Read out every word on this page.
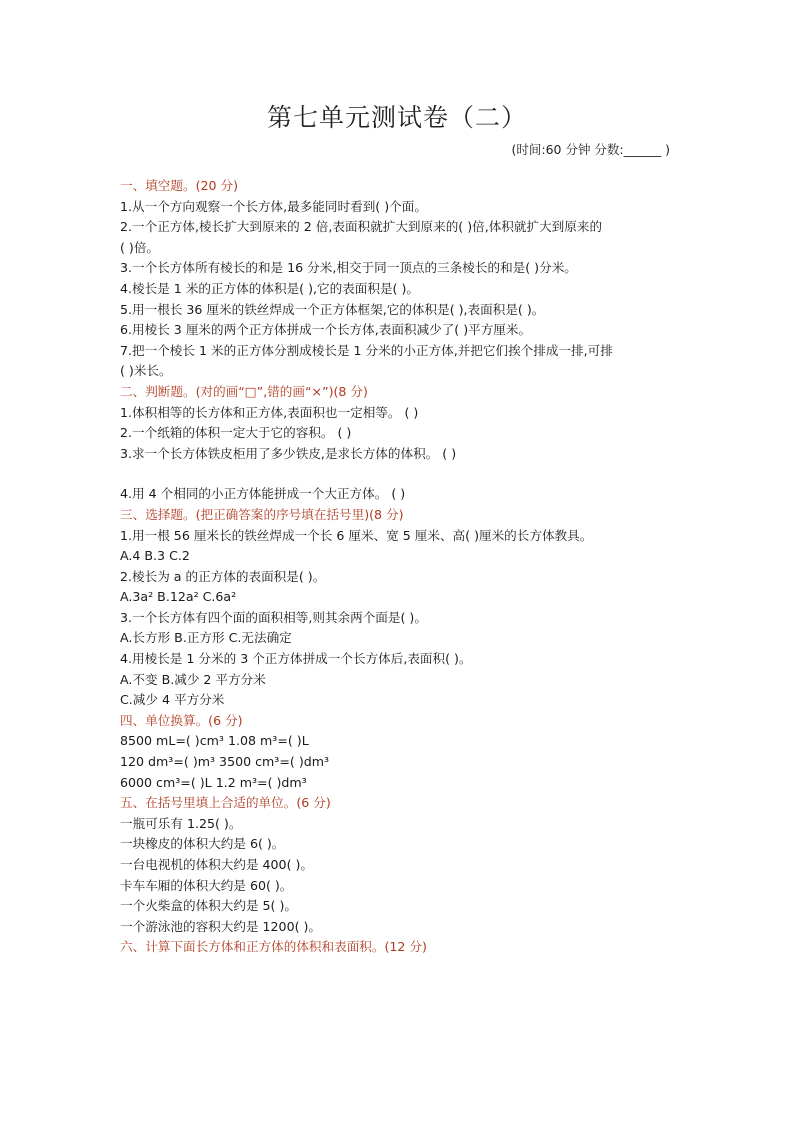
第七单元测试卷（二）
(时间:60 分钟 分数:______ )
一、填空题。(20 分)
1.从一个方向观察一个长方体,最多能同时看到( )个面。
2.一个正方体,棱长扩大到原来的 2 倍,表面积就扩大到原来的( )倍,体积就扩大到原来的
( )倍。
3.一个长方体所有棱长的和是 16 分米,相交于同一顶点的三条棱长的和是( )分米。
4.棱长是 1 米的正方体的体积是( ),它的表面积是( )。
5.用一根长 36 厘米的铁丝焊成一个正方体框架,它的体积是( ),表面积是( )。
6.用棱长 3 厘米的两个正方体拼成一个长方体,表面积减少了( )平方厘米。
7.把一个棱长 1 米的正方体分割成棱长是 1 分米的小正方体,并把它们挨个排成一排,可排
( )米长。
二、判断题。(对的画“□”,错的画“×”)(8 分)
1.体积相等的长方体和正方体,表面积也一定相等。 ( )
2.一个纸箱的体积一定大于它的容积。 ( )
3.求一个长方体铁皮柜用了多少铁皮,是求长方体的体积。 ( )
4.用 4 个相同的小正方体能拼成一个大正方体。 ( )
三、选择题。(把正确答案的序号填在括号里)(8 分)
1.用一根 56 厘米长的铁丝焊成一个长 6 厘米、宽 5 厘米、高( )厘米的长方体教具。
A.4 B.3 C.2
2.棱长为 a 的正方体的表面积是( )。
A.3a² B.12a² C.6a²
3.一个长方体有四个面的面积相等,则其余两个面是( )。
A.长方形 B.正方形 C.无法确定
4.用棱长是 1 分米的 3 个正方体拼成一个长方体后,表面积( )。
A.不变 B.减少 2 平方分米
C.减少 4 平方分米
四、单位换算。(6 分)
8500 mL=( )cm³ 1.08 m³=( )L
120 dm³=( )m³ 3500 cm³=( )dm³
6000 cm³=( )L 1.2 m³=( )dm³
五、在括号里填上合适的单位。(6 分)
一瓶可乐有 1.25( )。
一块橡皮的体积大约是 6( )。
一台电视机的体积大约是 400( )。
卡车车厢的体积大约是 60( )。
一个火柴盒的体积大约是 5( )。
一个游泳池的容积大约是 1200( )。
六、计算下面长方体和正方体的体积和表面积。(12 分)
